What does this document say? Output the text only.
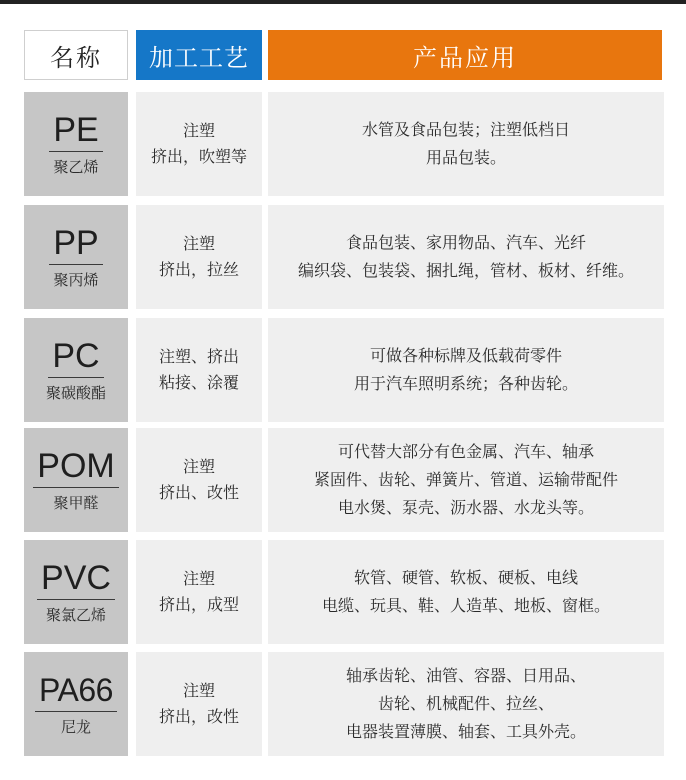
名称	加工工艺	产品应用
PE
聚乙烯
注塑
挤出，吹塑等
水管及食品包装；注塑低档日
用品包装。
PP
聚丙烯
注塑
挤出，拉丝
食品包装、家用物品、汽车、光纤
编织袋、包装袋、捆扎绳，管材、板材、纤维。
PC
聚碳酸酯
注塑、挤出
粘接、涂覆
可做各种标牌及低载荷零件
用于汽车照明系统；各种齿轮。
POM
聚甲醛
注塑
挤出、改性
可代替大部分有色金属、汽车、轴承
紧固件、齿轮、弹簧片、管道、运输带配件
电水煲、泵壳、沥水器、水龙头等。
PVC
聚氯乙烯
注塑
挤出，成型
软管、硬管、软板、硬板、电线
电缆、玩具、鞋、人造革、地板、窗框。
PA66
尼龙
注塑
挤出，改性
轴承齿轮、油管、容器、日用品、
齿轮、机械配件、拉丝、
电器装置薄膜、轴套、工具外壳。
